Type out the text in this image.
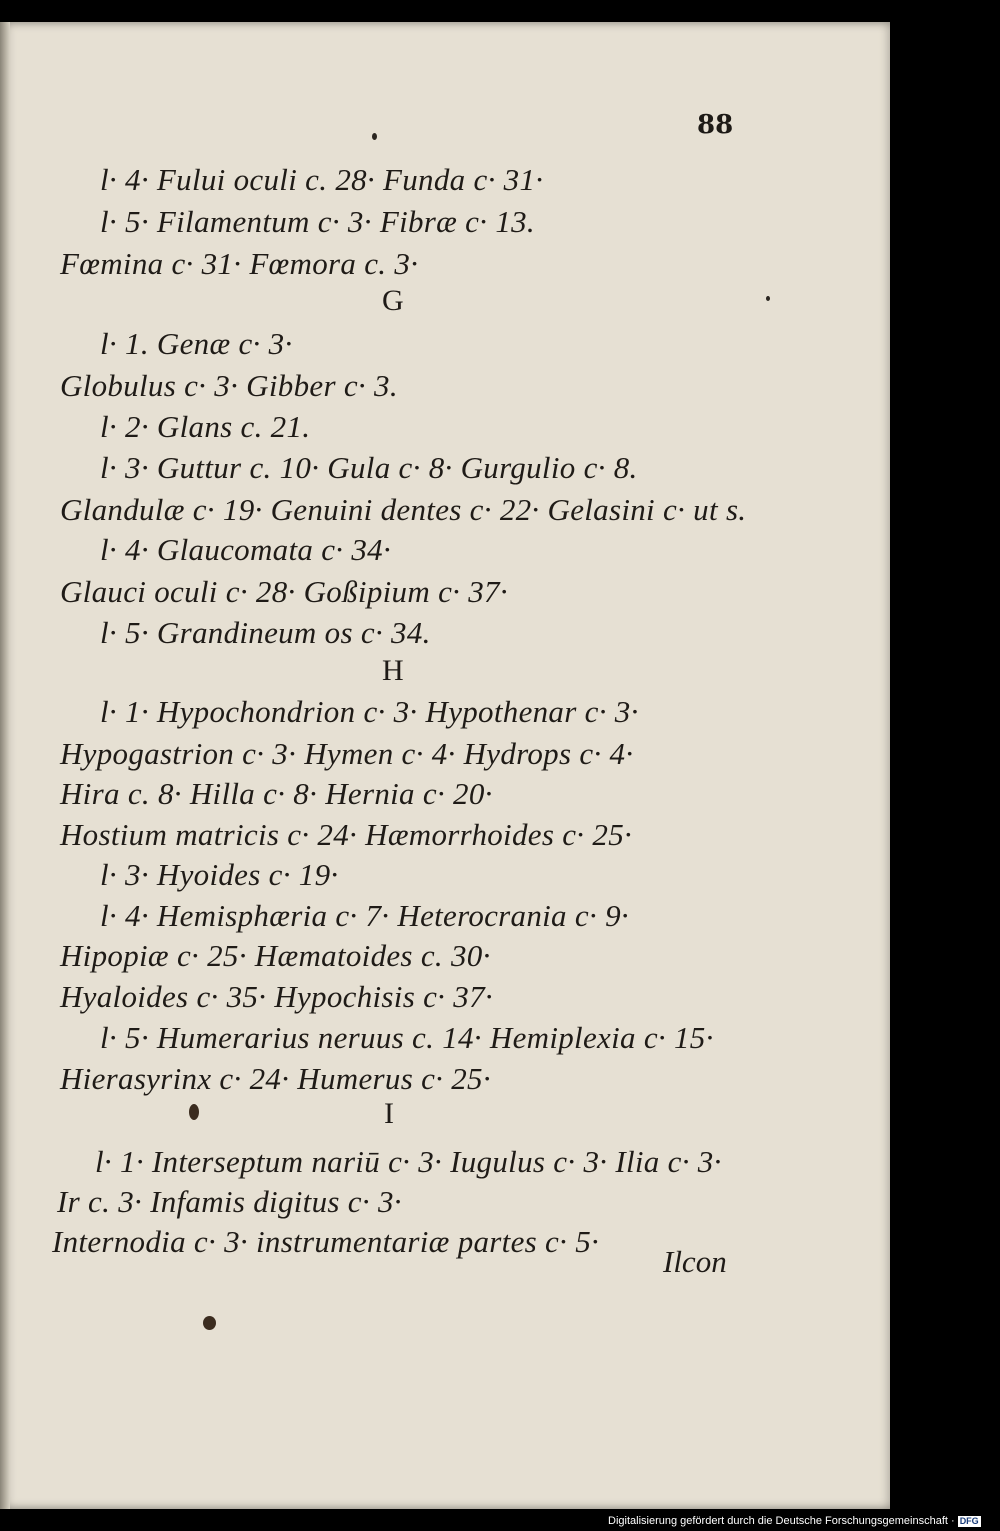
88
l· 4· Fului oculi c. 28· Funda c· 31·
l· 5· Filamentum c· 3· Fibræ c· 13.
Fœmina c· 31· Fœmora c. 3·
G
l· 1. Genæ c· 3·
Globulus c· 3· Gibber c· 3.
l· 2· Glans c. 21.
l· 3· Guttur c. 10· Gula c· 8· Gurgulio c· 8.
Glandulæ c· 19· Genuini dentes c· 22· Gelasini c· ut s.
l· 4· Glaucomata c· 34·
Glauci oculi c· 28· Goßipium c· 37·
l· 5· Grandineum os c· 34.
H
l· 1· Hypochondrion c· 3· Hypothenar c· 3·
Hypogastrion c· 3· Hymen c· 4· Hydrops c· 4·
Hira c. 8· Hilla c· 8· Hernia c· 20·
Hostium matricis c· 24· Hæmorrhoides c· 25·
l· 3· Hyoides c· 19·
l· 4· Hemisphæria c· 7· Heterocrania c· 9·
Hipopiæ c· 25· Hæmatoides c. 30·
Hyaloides c· 35· Hypochisis c· 37·
l· 5· Humerarius neruus c. 14· Hemiplexia c· 15·
Hierasyrinx c· 24· Humerus c· 25·
I
l· 1· Interseptum nariū c· 3· Iugulus c· 3· Ilia c· 3·
Ir c. 3· Infamis digitus c· 3·
Internodia c· 3· instrumentariæ partes c· 5·
Ilcon
Digitalisierung gefördert durch die Deutsche Forschungsgemeinschaft · DFG
